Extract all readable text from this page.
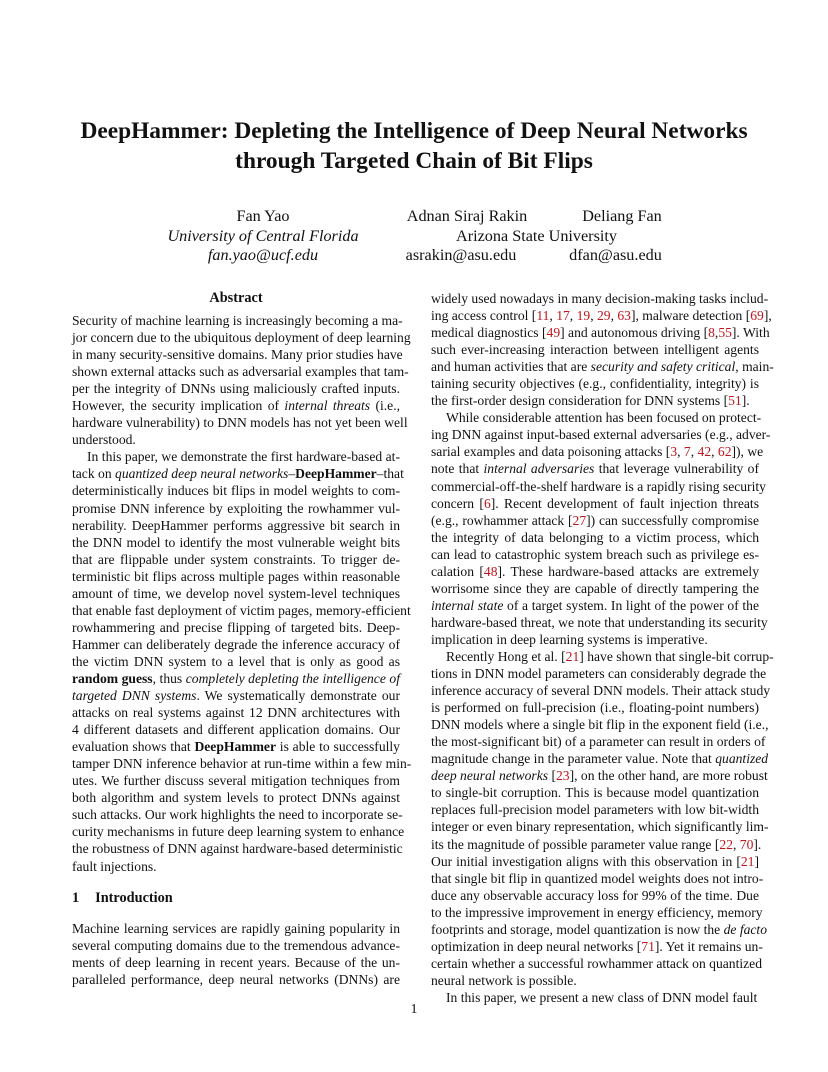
DeepHammer: Depleting the Intelligence of Deep Neural Networks
through Targeted Chain of Bit Flips
Fan Yao
University of Central Florida
fan.yao@ucf.edu
Adnan Siraj Rakin	Deliang Fan
Arizona State University
asrakin@asu.edu	dfan@asu.edu
Abstract
Security of machine learning is increasingly becoming a ma-
jor concern due to the ubiquitous deployment of deep learning
in many security-sensitive domains. Many prior studies have
shown external attacks such as adversarial examples that tam-
per the integrity of DNNs using maliciously crafted inputs.
However, the security implication of internal threats (i.e.,
hardware vulnerability) to DNN models has not yet been well
understood.
In this paper, we demonstrate the first hardware-based at-
tack on quantized deep neural networks–DeepHammer–that
deterministically induces bit flips in model weights to com-
promise DNN inference by exploiting the rowhammer vul-
nerability. DeepHammer performs aggressive bit search in
the DNN model to identify the most vulnerable weight bits
that are flippable under system constraints. To trigger de-
terministic bit flips across multiple pages within reasonable
amount of time, we develop novel system-level techniques
that enable fast deployment of victim pages, memory-efficient
rowhammering and precise flipping of targeted bits. Deep-
Hammer can deliberately degrade the inference accuracy of
the victim DNN system to a level that is only as good as
random guess, thus completely depleting the intelligence of
targeted DNN systems. We systematically demonstrate our
attacks on real systems against 12 DNN architectures with
4 different datasets and different application domains. Our
evaluation shows that DeepHammer is able to successfully
tamper DNN inference behavior at run-time within a few min-
utes. We further discuss several mitigation techniques from
both algorithm and system levels to protect DNNs against
such attacks. Our work highlights the need to incorporate se-
curity mechanisms in future deep learning system to enhance
the robustness of DNN against hardware-based deterministic
fault injections.
1 Introduction
Machine learning services are rapidly gaining popularity in
several computing domains due to the tremendous advance-
ments of deep learning in recent years. Because of the un-
paralleled performance, deep neural networks (DNNs) are
widely used nowadays in many decision-making tasks includ-
ing access control [11, 17, 19, 29, 63], malware detection [69],
medical diagnostics [49] and autonomous driving [8,55]. With
such ever-increasing interaction between intelligent agents
and human activities that are security and safety critical, main-
taining security objectives (e.g., confidentiality, integrity) is
the first-order design consideration for DNN systems [51].
While considerable attention has been focused on protect-
ing DNN against input-based external adversaries (e.g., adver-
sarial examples and data poisoning attacks [3, 7, 42, 62]), we
note that internal adversaries that leverage vulnerability of
commercial-off-the-shelf hardware is a rapidly rising security
concern [6]. Recent development of fault injection threats
(e.g., rowhammer attack [27]) can successfully compromise
the integrity of data belonging to a victim process, which
can lead to catastrophic system breach such as privilege es-
calation [48]. These hardware-based attacks are extremely
worrisome since they are capable of directly tampering the
internal state of a target system. In light of the power of the
hardware-based threat, we note that understanding its security
implication in deep learning systems is imperative.
Recently Hong et al. [21] have shown that single-bit corrup-
tions in DNN model parameters can considerably degrade the
inference accuracy of several DNN models. Their attack study
is performed on full-precision (i.e., floating-point numbers)
DNN models where a single bit flip in the exponent field (i.e.,
the most-significant bit) of a parameter can result in orders of
magnitude change in the parameter value. Note that quantized
deep neural networks [23], on the other hand, are more robust
to single-bit corruption. This is because model quantization
replaces full-precision model parameters with low bit-width
integer or even binary representation, which significantly lim-
its the magnitude of possible parameter value range [22, 70].
Our initial investigation aligns with this observation in [21]
that single bit flip in quantized model weights does not intro-
duce any observable accuracy loss for 99% of the time. Due
to the impressive improvement in energy efficiency, memory
footprints and storage, model quantization is now the de facto
optimization in deep neural networks [71]. Yet it remains un-
certain whether a successful rowhammer attack on quantized
neural network is possible.
In this paper, we present a new class of DNN model fault
1
